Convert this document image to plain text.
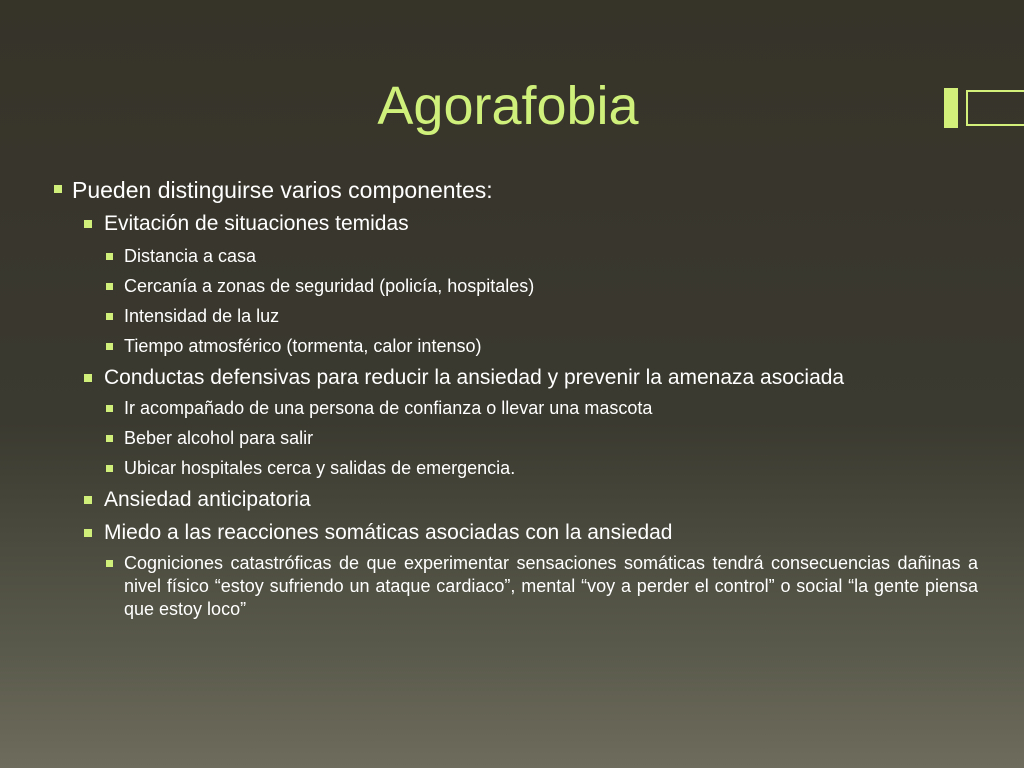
Agorafobia
Pueden distinguirse varios componentes:
Evitación de situaciones temidas
Distancia a casa
Cercanía a zonas de seguridad (policía, hospitales)
Intensidad de la luz
Tiempo atmosférico (tormenta, calor intenso)
Conductas defensivas para reducir la ansiedad y prevenir la amenaza asociada
Ir acompañado de una persona de confianza o llevar una mascota
Beber alcohol para salir
Ubicar hospitales cerca y salidas de emergencia.
Ansiedad anticipatoria
Miedo a las reacciones somáticas asociadas con la ansiedad
Cogniciones catastróficas de que experimentar sensaciones somáticas tendrá consecuencias dañinas a nivel físico “estoy sufriendo un ataque cardiaco”, mental “voy a perder el control” o social “la gente piensa que estoy loco”
